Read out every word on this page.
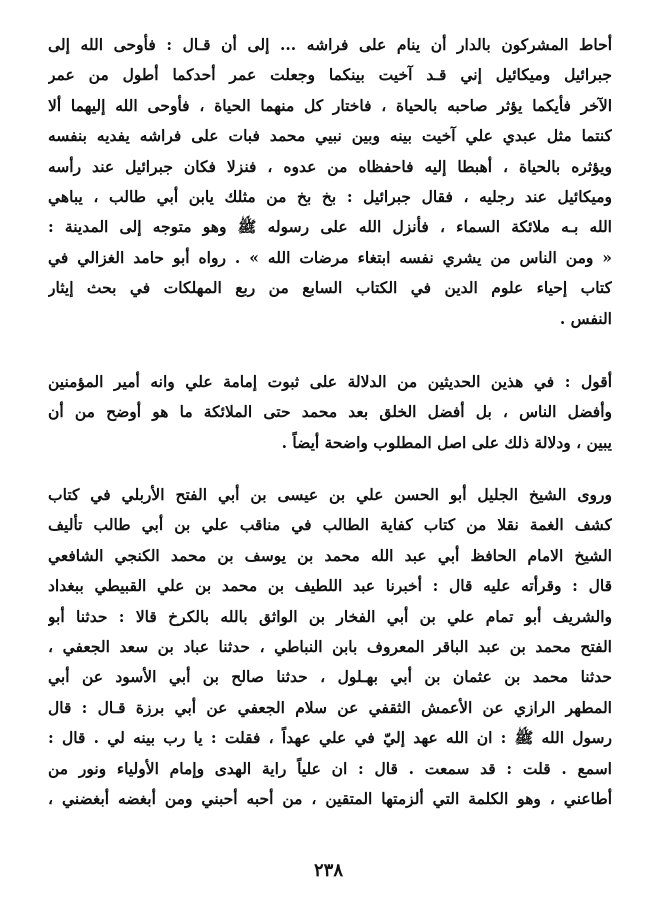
أحاط المشركون بالدار أن ينام على فراشه ... إلى أن قـال : فأوحى الله إلى
جبرائيل وميكائيل إني قـد آخيت بينكما وجعلت عمر أحدكما أطول من عمر
الآخر فأيكما يؤثر صاحبه بالحياة ، فاختار كل منهما الحياة ، فأوحى الله إليهما ألا
كنتما مثل عبدي علي آخيت بينه وبين نبيي محمد فبات على فراشه يفديه بنفسه
ويؤثره بالحياة ، أهبطا إليه فاحفظاه من عدوه ، فنزلا فكان جبرائيل عند رأسه
وميكائيل عند رجليه ، فقال جبرائيل : بخ بخ من مثلك يابن أبي طالب ، يباهي
الله بـه ملائكة السماء ، فأنزل الله على رسوله ﷺ وهو متوجه إلى المدينة :
« ومن الناس من يشري نفسه ابتغاء مرضات الله » . رواه أبو حامد الغزالي في
كتاب إحياء علوم الدين في الكتاب السابع من ربع المهلكات في بحث إيثار
النفس .
أقول : في هذين الحديثين من الدلالة على ثبوت إمامة علي وانه أمير المؤمنين
وأفضل الناس ، بل أفضل الخلق بعد محمد حتى الملائكة ما هو أوضح من أن
يبين ، ودلالة ذلك على اصل المطلوب واضحة أيضاً .
وروى الشيخ الجليل أبو الحسن علي بن عيسى بن أبي الفتح الأربلي في كتاب
كشف الغمة نقلا من كتاب كفاية الطالب في مناقب علي بن أبي طالب تأليف
الشيخ الامام الحافظ أبي عبد الله محمد بن يوسف بن محمد الكنجي الشافعي
قال : وقرأته عليه قال : أخبرنا عبد اللطيف بن محمد بن علي القبيطي ببغداد
والشريف أبو تمام علي بن أبي الفخار بن الواثق بالله بالكرخ قالا : حدثنا أبو
الفتح محمد بن عبد الباقر المعروف بابن النباطي ، حدثنا عباد بن سعد الجعفي ،
حدثنا محمد بن عثمان بن أبي بهـلول ، حدثنا صالح بن أبي الأسود عن أبي
المطهر الرازي عن الأعمش الثقفي عن سلام الجعفي عن أبي برزة قـال : قال
رسول الله ﷺ : ان الله عهد إليّ في علي عهداً ، فقلت : يا رب بينه لي . قال :
اسمع . قلت : قد سمعت . قال : ان علياً راية الهدى وإمام الأولياء ونور من
أطاعني ، وهو الكلمة التي ألزمتها المتقين ، من أحبه أحبني ومن أبغضه أبغضني ،
٢٣٨
